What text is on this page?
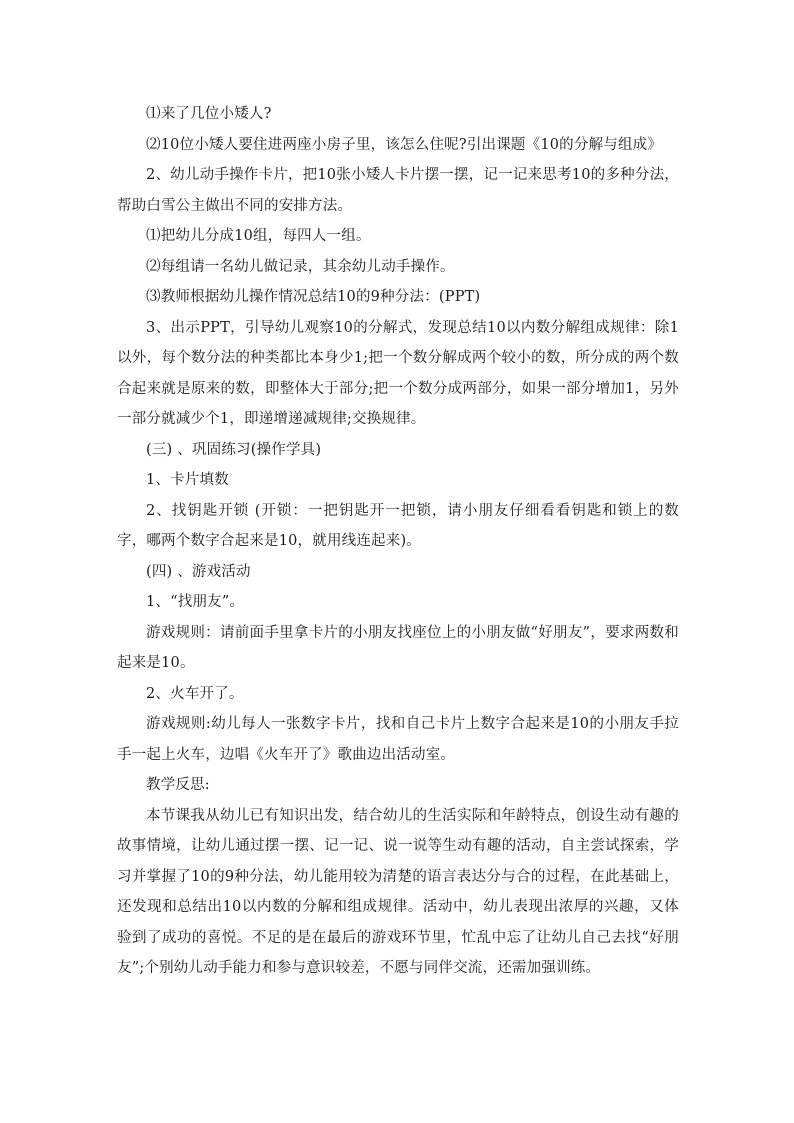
⑴来了几位小矮人?

⑵10位小矮人要住进两座小房子里，该怎么住呢?引出课题《10的分解与组成》

2、幼儿动手操作卡片，把10张小矮人卡片摆一摆，记一记来思考10的多种分法，帮助白雪公主做出不同的安排方法。

⑴把幼儿分成10组，每四人一组。

⑵每组请一名幼儿做记录，其余幼儿动手操作。

⑶教师根据幼儿操作情况总结10的9种分法：(PPT)

3、出示PPT，引导幼儿观察10的分解式，发现总结10以内数分解组成规律：除1以外，每个数分法的种类都比本身少1;把一个数分解成两个较小的数，所分成的两个数合起来就是原来的数，即整体大于部分;把一个数分成两部分，如果一部分增加1，另外一部分就减少个1，即递增递减规律;交换规律。

(三) 、巩固练习(操作学具)

1、卡片填数

2、找钥匙开锁 (开锁：一把钥匙开一把锁，请小朋友仔细看看钥匙和锁上的数字，哪两个数字合起来是10，就用线连起来)。

(四) 、游戏活动

1、“找朋友”。

游戏规则：请前面手里拿卡片的小朋友找座位上的小朋友做“好朋友”，要求两数和起来是10。

2、火车开了。

游戏规则:幼儿每人一张数字卡片，找和自己卡片上数字合起来是10的小朋友手拉手一起上火车，边唱《火车开了》歌曲边出活动室。

教学反思:

本节课我从幼儿已有知识出发，结合幼儿的生活实际和年龄特点，创设生动有趣的故事情境，让幼儿通过摆一摆、记一记、说一说等生动有趣的活动，自主尝试探索，学习并掌握了10的9种分法，幼儿能用较为清楚的语言表达分与合的过程，在此基础上，还发现和总结出10以内数的分解和组成规律。活动中，幼儿表现出浓厚的兴趣，又体验到了成功的喜悦。不足的是在最后的游戏环节里，忙乱中忘了让幼儿自己去找“好朋友”;个别幼儿动手能力和参与意识较差，不愿与同伴交流，还需加强训练。
